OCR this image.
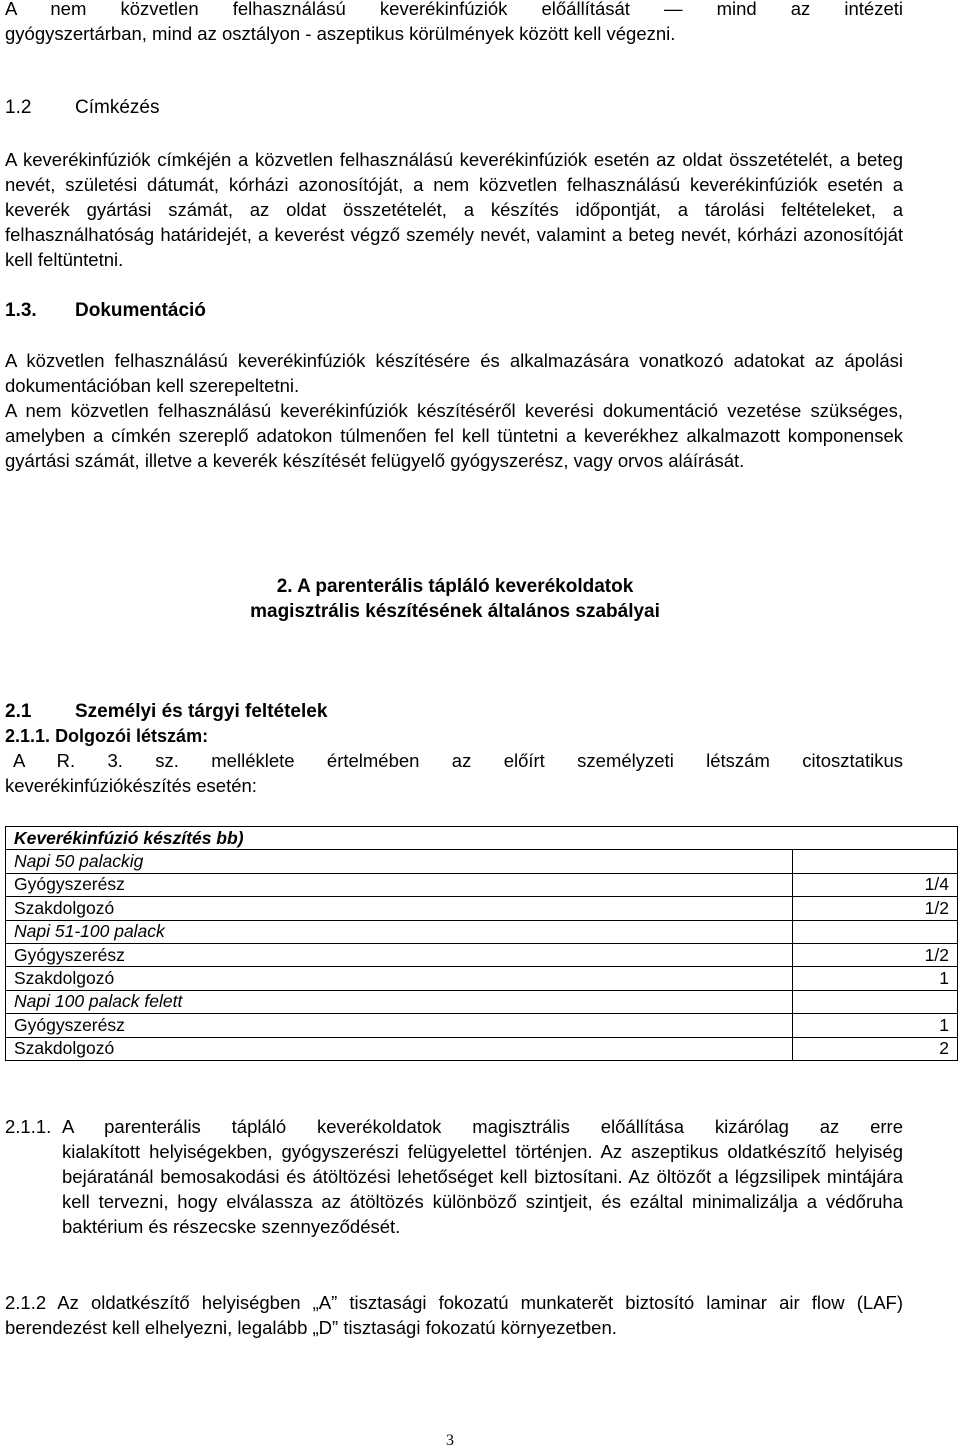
A nem közvetlen felhasználású keverékinfúziók előállítását — mind az intézeti
gyógyszertárban, mind az osztályon - aszeptikus körülmények között kell végezni.

1.2 Címkézés

A keverékinfúziók címkéjén a közvetlen felhasználású keverékinfúziók esetén az oldat összetételét, a beteg nevét, születési dátumát, kórházi azonosítóját, a nem közvetlen felhasználású keverékinfúziók esetén a keverék gyártási számát, az oldat összetételét, a készítés időpontját, a tárolási feltételeket, a felhasználhatóság határidejét, a keverést végző személy nevét, valamint a beteg nevét, kórházi azonosítóját kell feltüntetni.

1.3. Dokumentáció

A közvetlen felhasználású keverékinfúziók készítésére és alkalmazására vonatkozó adatokat az ápolási dokumentációban kell szerepeltetni.

A nem közvetlen felhasználású keverékinfúziók készítéséről keverési dokumentáció vezetése szükséges, amelyben a címkén szereplő adatokon túlmenően fel kell tüntetni a keverékhez alkalmazott komponensek gyártási számát, illetve a keverék készítését felügyelő gyógyszerész, vagy orvos aláírását.

2. A parenterális tápláló keverékoldatok
magisztrális készítésének általános szabályai
2.1 Személyi és tárgyi feltételek
2.1.1. Dolgozói létszám:

A R. 3. sz. melléklete értelmében az előírt személyzeti létszám citosztatikus
keverékinfúziókészítés esetén:

Keverékinfúzió készítés bb)	
Napi 50 palackig	
Gyógyszerész	1/4
Szakdolgozó	1/2
Napi 51-100 palack	
Gyógyszerész	1/2
Szakdolgozó	1
Napi 100 palack felett	
Gyógyszerész	1
Szakdolgozó	2
2.1.1. A parenterális tápláló keverékoldatok magisztrális előállítása kizárólag az erre
kialakított helyiségekben, gyógyszerészi felügyelettel történjen. Az aszeptikus oldatkészítő helyiség bejáratánál bemosakodási és átöltözési lehetőséget kell biztosítani. Az öltözőt a légzsilipek mintájára kell tervezni, hogy elválassza az átöltözés különböző szintjeit, és ezáltal minimalizálja a védőruha baktérium és részecske szennyeződését.
2.1.2 Az oldatkészítő helyiségben „A” tisztasági fokozatú munkaterět biztosító laminar air flow (LAF) berendezést kell elhelyezni, legalább „D” tisztasági fokozatú környezetben.
3
